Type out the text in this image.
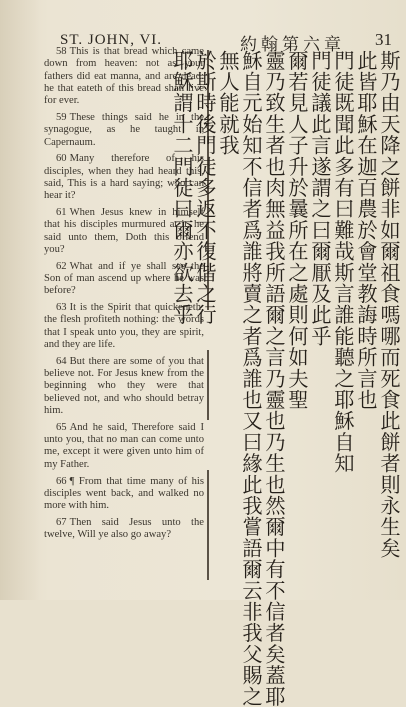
ST. JOHN, VI.	約翰第六章 31

58 This is that bread which came down from heaven: not as your fathers did eat manna, and are dead: he that eateth of this bread shall live for ever.

59 These things said he in the synagogue, as he taught in Capernaum.

60 Many therefore of his disciples, when they had heard this, said, This is a hard saying; who can hear it?

61 When Jesus knew in himself that his disciples murmured at it, he said unto them, Doth this offend you?

62 What and if ye shall see the Son of man ascend up where he was before?

63 It is the Spirit that quickeneth; the flesh profiteth nothing: the words that I speak unto you, they are spirit, and they are life.

64 But there are some of you that believe not. For Jesus knew from the beginning who they were that believed not, and who should betray him.

65 And he said, Therefore said I unto you, that no man can come unto me, except it were given unto him of my Father.

66 ¶ From that time many of his disciples went back, and walked no more with him.

67 Then said Jesus unto the twelve, Will ye also go away?	斯乃由天降之餅非如爾祖食嗎哪而死食此餅者則永生矣
此皆耶穌在迦百農於會堂教誨時所言也
門徒既聞此多有曰難哉斯言誰能聽之耶穌自知
門徒議此言遂謂之曰爾厭及此乎
爾若見人子升於曩所在之處則何如夫聖
靈乃致生者也肉無益我所語爾之言乃靈也乃生也然爾中有不信者矣蓋耶
穌自元始知不信者爲誰將賣之者爲誰也又曰緣此我嘗語爾云非我父賜之
無人能就我
於斯時後門徒多返不復偕之行
耶穌謂十二門徒曰爾亦欲去乎
